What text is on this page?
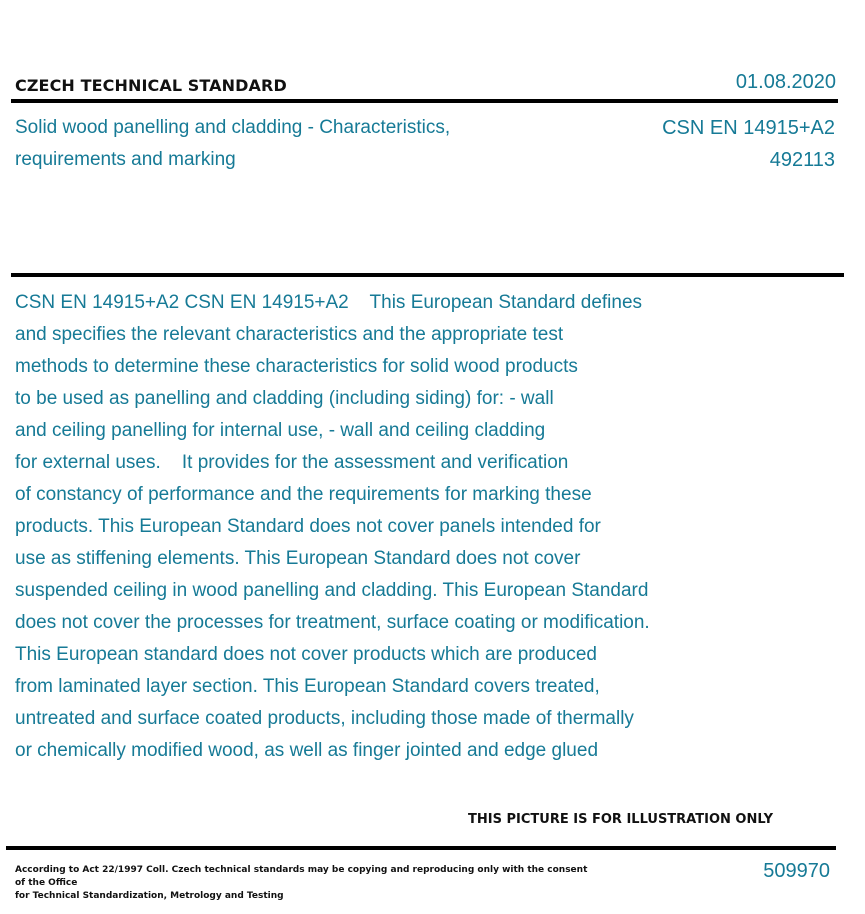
CZECH TECHNICAL STANDARD	01.08.2020
Solid wood panelling and cladding - Characteristics,
requirements and marking
CSN EN 14915+A2
492113
CSN EN 14915+A2 CSN EN 14915+A2    This European Standard defines
and specifies the relevant characteristics and the appropriate test
methods to determine these characteristics for solid wood products
to be used as panelling and cladding (including siding) for: - wall
and ceiling panelling for internal use, - wall and ceiling cladding
for external uses.    It provides for the assessment and verification
of constancy of performance and the requirements for marking these
products. This European Standard does not cover panels intended for
use as stiffening elements. This European Standard does not cover
suspended ceiling in wood panelling and cladding. This European Standard
does not cover the processes for treatment, surface coating or modification.
This European standard does not cover products which are produced
from laminated layer section. This European Standard covers treated,
untreated and surface coated products, including those made of thermally
or chemically modified wood, as well as finger jointed and edge glued
THIS PICTURE IS FOR ILLUSTRATION ONLY
According to Act 22/1997 Coll. Czech technical standards may be copying and reproducing only with the consent of the Office
for Technical Standardization, Metrology and Testing
509970
